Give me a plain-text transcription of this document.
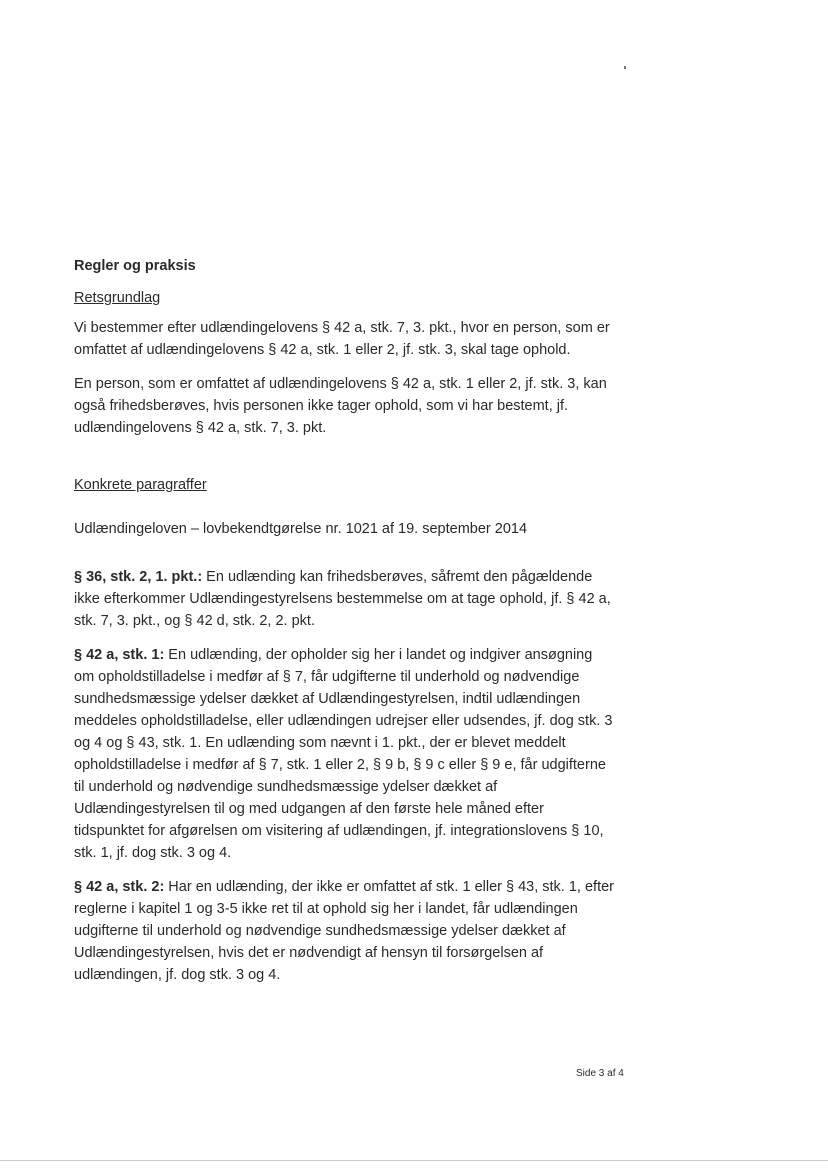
Regler og praksis
Retsgrundlag

Vi bestemmer efter udlændingelovens § 42 a, stk. 7, 3. pkt., hvor en person, som er omfattet af udlændingelovens § 42 a, stk. 1 eller 2, jf. stk. 3, skal tage ophold.

En person, som er omfattet af udlændingelovens § 42 a, stk. 1 eller 2, jf. stk. 3, kan også frihedsberøves, hvis personen ikke tager ophold, som vi har bestemt, jf. udlændingelovens § 42 a, stk. 7, 3. pkt.

Konkrete paragraffer

Udlændingeloven – lovbekendtgørelse nr. 1021 af 19. september 2014

§ 36, stk. 2, 1. pkt.: En udlænding kan frihedsberøves, såfremt den pågældende ikke efterkommer Udlændingestyrelsens bestemmelse om at tage ophold, jf. § 42 a, stk. 7, 3. pkt., og § 42 d, stk. 2, 2. pkt.

§ 42 a, stk. 1: En udlænding, der opholder sig her i landet og indgiver ansøgning om opholdstilladelse i medfør af § 7, får udgifterne til underhold og nødvendige sundhedsmæssige ydelser dækket af Udlændingestyrelsen, indtil udlændingen meddeles opholdstilladelse, eller udlændingen udrejser eller udsendes, jf. dog stk. 3 og 4 og § 43, stk. 1. En udlænding som nævnt i 1. pkt., der er blevet meddelt opholdstilladelse i medfør af § 7, stk. 1 eller 2, § 9 b, § 9 c eller § 9 e, får udgifterne til underhold og nødvendige sundhedsmæssige ydelser dækket af Udlændingestyrelsen til og med udgangen af den første hele måned efter tidspunktet for afgørelsen om visitering af udlændingen, jf. integrationslovens § 10, stk. 1, jf. dog stk. 3 og 4.

§ 42 a, stk. 2: Har en udlænding, der ikke er omfattet af stk. 1 eller § 43, stk. 1, efter reglerne i kapitel 1 og 3-5 ikke ret til at ophold sig her i landet, får udlændingen udgifterne til underhold og nødvendige sundhedsmæssige ydelser dækket af Udlændingestyrelsen, hvis det er nødvendigt af hensyn til forsørgelsen af udlændingen, jf. dog stk. 3 og 4.

Side 3 af 4
